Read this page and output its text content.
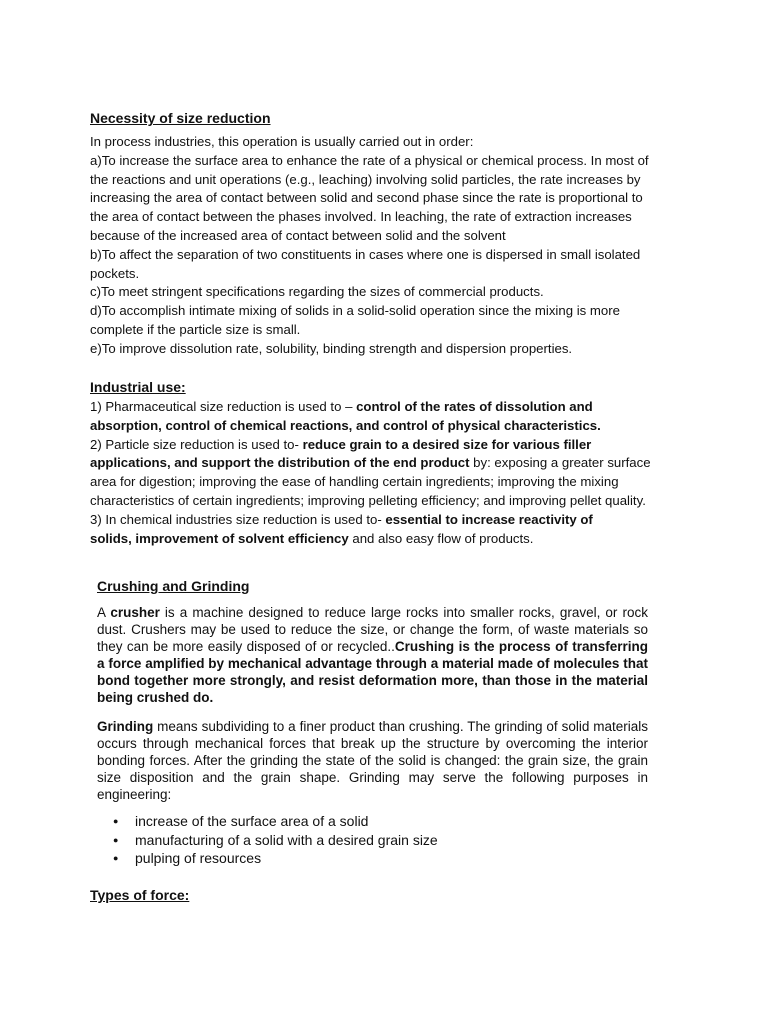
Necessity of size reduction

In process industries, this operation is usually carried out in order:

a)To increase the surface area to enhance the rate of a physical or chemical process. In most of

the reactions and unit operations (e.g., leaching) involving solid particles, the rate increases by

increasing the area of contact between solid and second phase since the rate is proportional to

the area of contact between the phases involved. In leaching, the rate of extraction increases

because of the increased area of contact between solid and the solvent

b)To affect the separation of two constituents in cases where one is dispersed in small isolated

pockets.

c)To meet stringent specifications regarding the sizes of commercial products.

d)To accomplish intimate mixing of solids in a solid-solid operation since the mixing is more

complete if the particle size is small.

e)To improve dissolution rate, solubility, binding strength and dispersion properties.

Industrial use:

1) Pharmaceutical size reduction is used to – control of the rates of dissolution and

absorption, control of chemical reactions, and control of physical characteristics.

2) Particle size reduction is used to- reduce grain to a desired size for various filler

applications, and support the distribution of the end product by: exposing a greater surface

area for digestion; improving the ease of handling certain ingredients; improving the mixing

characteristics of certain ingredients; improving pelleting efficiency; and improving pellet quality.

3) In chemical industries size reduction is used to- essential to increase reactivity of

solids, improvement of solvent efficiency and also easy flow of products.

Crushing and Grinding

A crusher is a machine designed to reduce large rocks into smaller rocks, gravel, or rock dust. Crushers may be used to reduce the size, or change the form, of waste materials so they can be more easily disposed of or recycled..Crushing is the process of transferring a force amplified by mechanical advantage through a material made of molecules that bond together more strongly, and resist deformation more, than those in the material being crushed do.

Grinding means subdividing to a finer product than crushing. The grinding of solid materials occurs through mechanical forces that break up the structure by overcoming the interior bonding forces. After the grinding the state of the solid is changed: the grain size, the grain size disposition and the grain shape. Grinding may serve the following purposes in engineering:

● increase of the surface area of a solid
● manufacturing of a solid with a desired grain size
● pulping of resources
Types of force:
